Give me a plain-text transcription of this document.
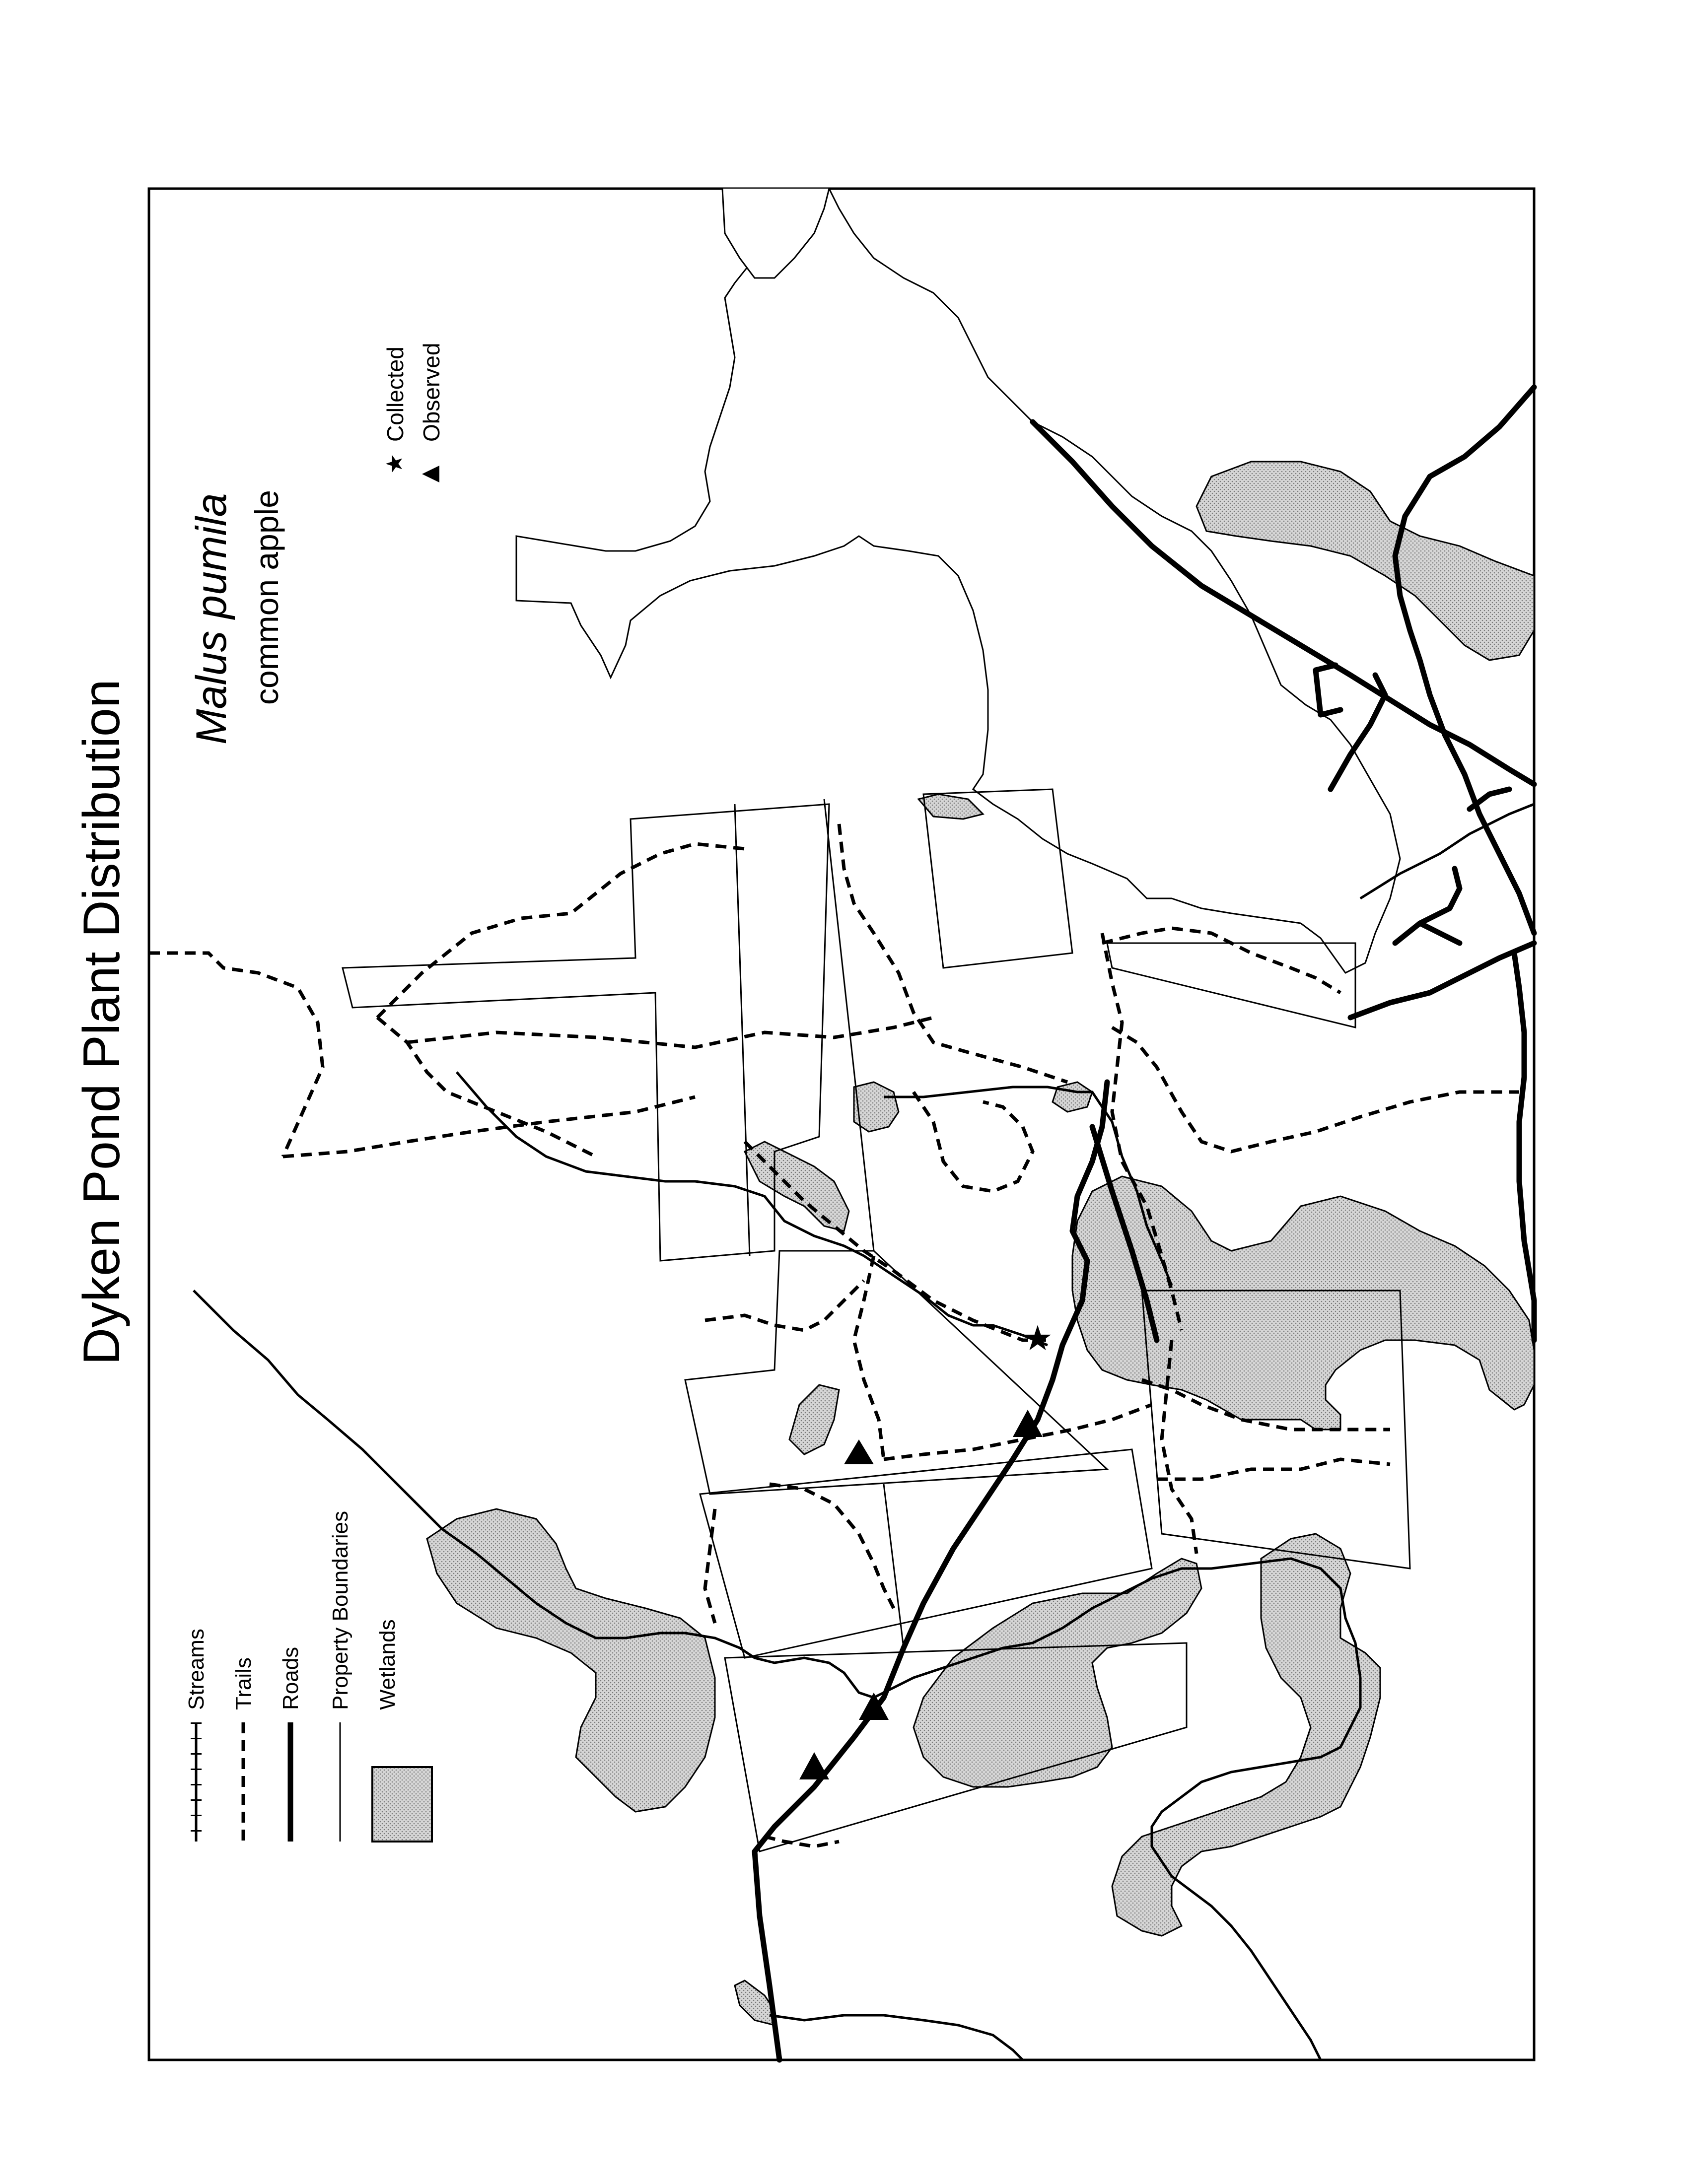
Dyken Pond Plant Distribution
Malus pumila common apple
★
Collected Observed
★
Streams Trails Roads Property Boundaries Wetlands
